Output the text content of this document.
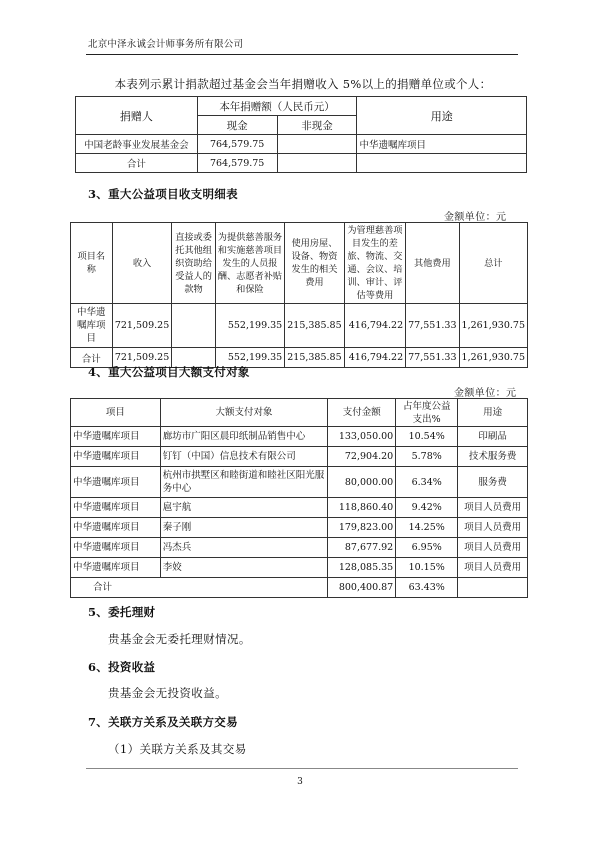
北京中泽永诚会计师事务所有限公司
本表列示累计捐款超过基金会当年捐赠收入 5%以上的捐赠单位或个人：
捐赠人	本年捐赠额（人民币元）		用途
	现金	非现金	
中国老龄事业发展基金会	764,579.75		中华遗嘱库项目
合计	764,579.75		
3、重大公益项目收支明细表
金额单位：元
项目名称	收入	直接或委托其他组织资助给受益人的款物	为提供慈善服务和实施慈善项目发生的人员报酬、志愿者补贴和保险	使用房屋、设备、物资发生的相关费用	为管理慈善项目发生的差旅、物流、交通、会议、培训、审计、评估等费用	其他费用	总计
中华遗嘱库项目	721,509.25		552,199.35	215,385.85	416,794.22	77,551.33	1,261,930.75
合计	721,509.25		552,199.35	215,385.85	416,794.22	77,551.33	1,261,930.75
4、重大公益项目大额支付对象
金额单位：元
项目	大额支付对象	支付金额	占年度公益支出%	用途
中华遗嘱库项目	廊坊市广阳区晨印纸制品销售中心	133,050.00	10.54%	印刷品
中华遗嘱库项目	钉钉（中国）信息技术有限公司	72,904.20	5.78%	技术服务费
中华遗嘱库项目	杭州市拱墅区和睦街道和睦社区阳光服务中心	80,000.00	6.34%	服务费
中华遗嘱库项目	扈宇航	118,860.40	9.42%	项目人员费用
中华遗嘱库项目	秦子刚	179,823.00	14.25%	项目人员费用
中华遗嘱库项目	冯杰兵	87,677.92	6.95%	项目人员费用
中华遗嘱库项目	李姣	128,085.35	10.15%	项目人员费用
合计		800,400.87	63.43%	
5、委托理财
贵基金会无委托理财情况。
6、投资收益
贵基金会无投资收益。
7、关联方关系及关联方交易
（1）关联方关系及其交易
3
